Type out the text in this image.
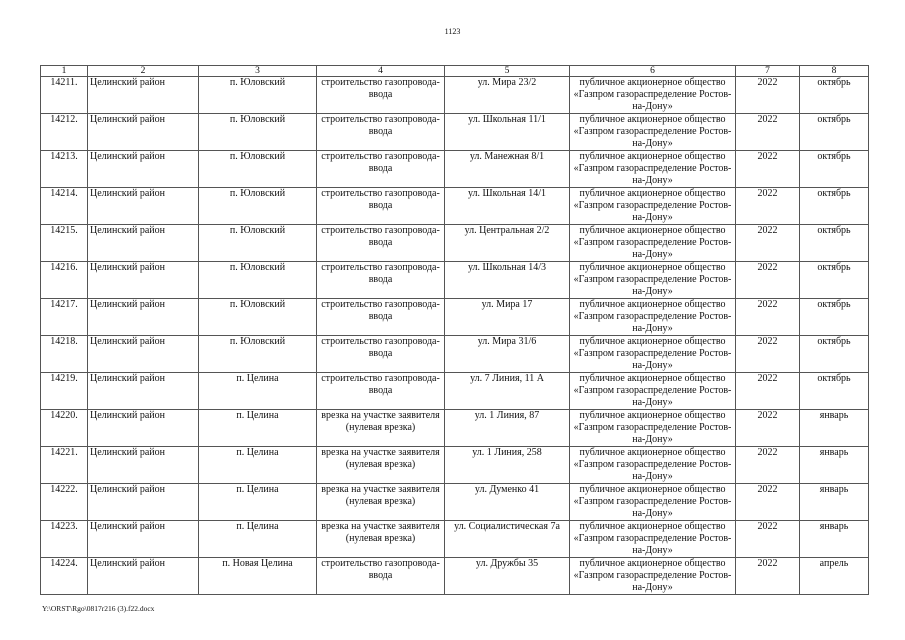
1123
1	2	3	4	5	6	7	8
14211.	Целинский район	п. Юловский	строительство газопровода-ввода	ул. Мира 23/2	публичное акционерное общество «Газпром газораспределение Ростов-на-Дону»	2022	октябрь
14212.	Целинский район	п. Юловский	строительство газопровода-ввода	ул. Школьная 11/1	публичное акционерное общество «Газпром газораспределение Ростов-на-Дону»	2022	октябрь
14213.	Целинский район	п. Юловский	строительство газопровода-ввода	ул. Манежная 8/1	публичное акционерное общество «Газпром газораспределение Ростов-на-Дону»	2022	октябрь
14214.	Целинский район	п. Юловский	строительство газопровода-ввода	ул. Школьная 14/1	публичное акционерное общество «Газпром газораспределение Ростов-на-Дону»	2022	октябрь
14215.	Целинский район	п. Юловский	строительство газопровода-ввода	ул. Центральная 2/2	публичное акционерное общество «Газпром газораспределение Ростов-на-Дону»	2022	октябрь
14216.	Целинский район	п. Юловский	строительство газопровода-ввода	ул. Школьная 14/3	публичное акционерное общество «Газпром газораспределение Ростов-на-Дону»	2022	октябрь
14217.	Целинский район	п. Юловский	строительство газопровода-ввода	ул. Мира 17	публичное акционерное общество «Газпром газораспределение Ростов-на-Дону»	2022	октябрь
14218.	Целинский район	п. Юловский	строительство газопровода-ввода	ул. Мира 31/6	публичное акционерное общество «Газпром газораспределение Ростов-на-Дону»	2022	октябрь
14219.	Целинский район	п. Целина	строительство газопровода-ввода	ул. 7 Линия, 11 А	публичное акционерное общество «Газпром газораспределение Ростов-на-Дону»	2022	октябрь
14220.	Целинский район	п. Целина	врезка на участке заявителя (нулевая врезка)	ул. 1 Линия, 87	публичное акционерное общество «Газпром газораспределение Ростов-на-Дону»	2022	январь
14221.	Целинский район	п. Целина	врезка на участке заявителя (нулевая врезка)	ул. 1 Линия, 258	публичное акционерное общество «Газпром газораспределение Ростов-на-Дону»	2022	январь
14222.	Целинский район	п. Целина	врезка на участке заявителя (нулевая врезка)	ул. Думенко 41	публичное акционерное общество «Газпром газораспределение Ростов-на-Дону»	2022	январь
14223.	Целинский район	п. Целина	врезка на участке заявителя (нулевая врезка)	ул. Социалистическая 7а	публичное акционерное общество «Газпром газораспределение Ростов-на-Дону»	2022	январь
14224.	Целинский район	п. Новая Целина	строительство газопровода-ввода	ул. Дружбы 35	публичное акционерное общество «Газпром газораспределение Ростов-на-Дону»	2022	апрель
Y:\ORST\Rgo\0817r216 (3).f22.docx
